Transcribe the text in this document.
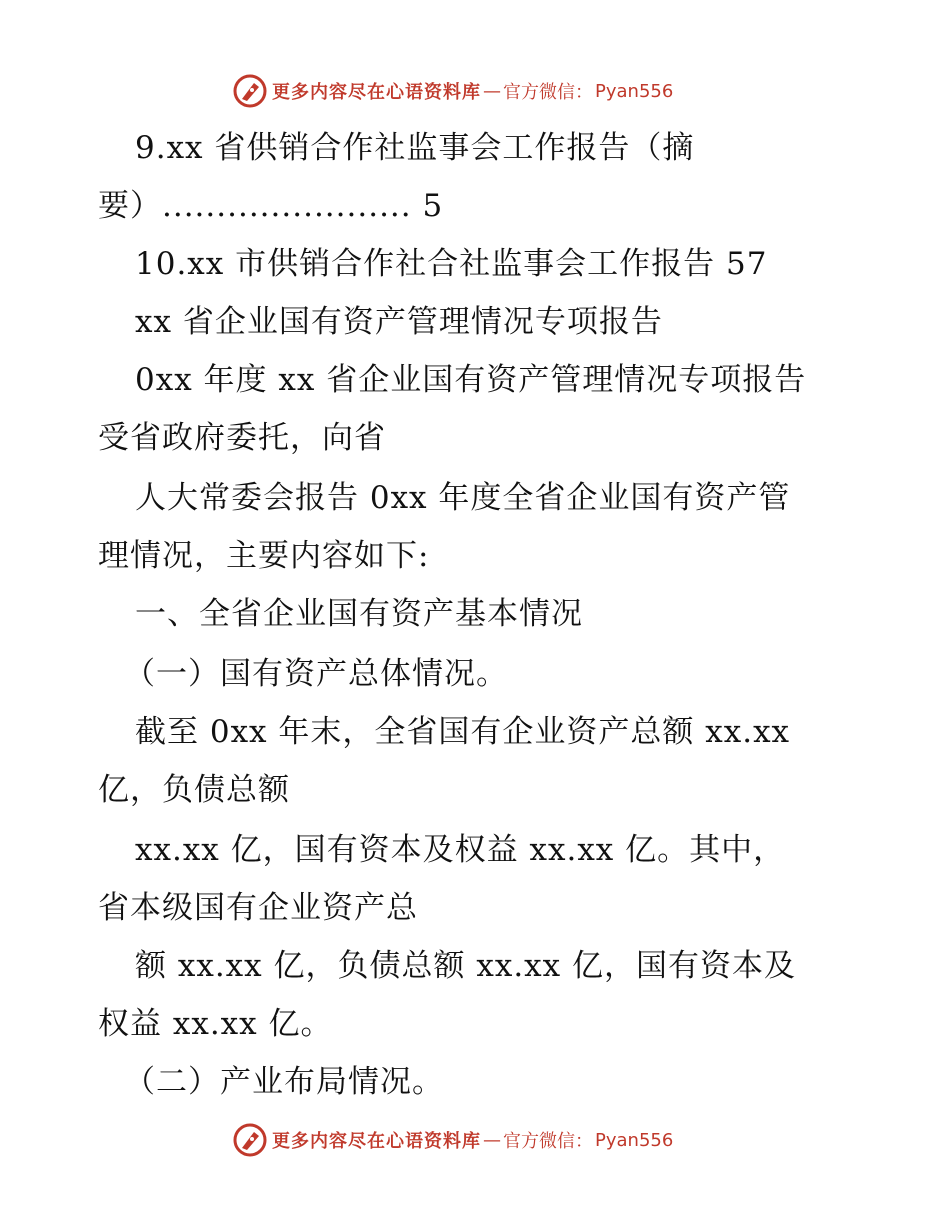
更多内容尽在心语资料库 — 官方微信： Pyan556
9.xx 省供销合作社监事会工作报告（摘
要）....................... 5
10.xx 市供销合作社合社监事会工作报告 57
xx 省企业国有资产管理情况专项报告
0xx 年度 xx 省企业国有资产管理情况专项报告
受省政府委托，向省
人大常委会报告 0xx 年度全省企业国有资产管
理情况，主要内容如下:
一、全省企业国有资产基本情况
（一）国有资产总体情况。
截至 0xx 年末，全省国有企业资产总额 xx.xx
亿，负债总额
xx.xx 亿，国有资本及权益 xx.xx 亿。其中，
省本级国有企业资产总
额 xx.xx 亿，负债总额 xx.xx 亿，国有资本及
权益 xx.xx 亿。
（二）产业布局情况。
更多内容尽在心语资料库 — 官方微信： Pyan556
